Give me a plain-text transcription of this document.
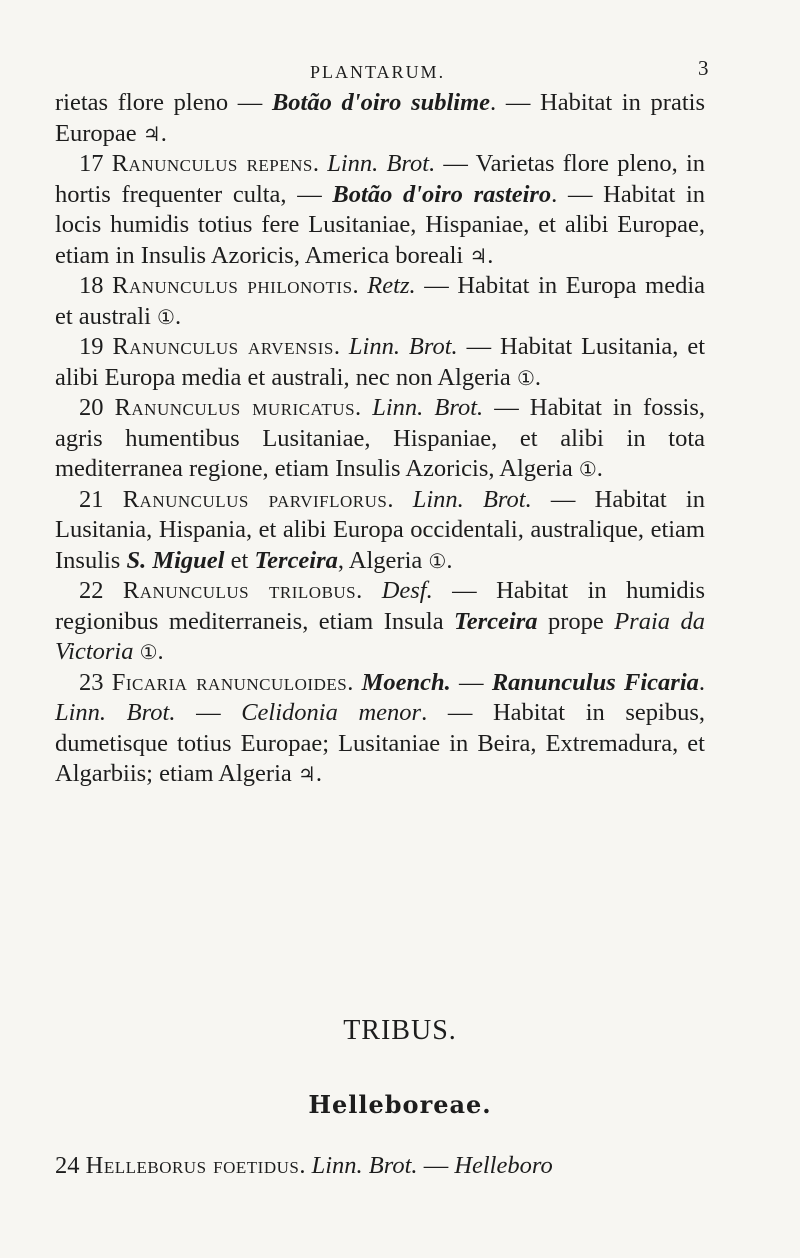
PLANTARUM.	3

rietas flore pleno — Botão d'oiro sublime. — Habitat in pratis Europae ♃.

17 Ranunculus repens. Linn. Brot. — Varietas flore pleno, in hortis frequenter culta, — Botão d'oiro rasteiro. — Habitat in locis humidis totius fere Lusitaniae, Hispaniae, et alibi Europae, etiam in Insulis Azoricis, America boreali ♃.

18 Ranunculus philonotis. Retz. — Habitat in Europa media et australi ①.

19 Ranunculus arvensis. Linn. Brot. — Habitat Lusitania, et alibi Europa media et australi, nec non Algeria ①.

20 Ranunculus muricatus. Linn. Brot. — Habitat in fossis, agris humentibus Lusitaniae, Hispaniae, et alibi in tota mediterranea regione, etiam Insulis Azoricis, Algeria ①.

21 Ranunculus parviflorus. Linn. Brot. — Habitat in Lusitania, Hispania, et alibi Europa occidentali, australique, etiam Insulis S. Miguel et Terceira, Algeria ①.

22 Ranunculus trilobus. Desf. — Habitat in humidis regionibus mediterraneis, etiam Insula Terceira prope Praia da Victoria ①.

23 Ficaria ranunculoides. Moench. — Ranunculus Ficaria. Linn. Brot. — Celidonia menor. — Habitat in sepibus, dumetisque totius Europae; Lusitaniae in Beira, Extremadura, et Algarbiis; etiam Algeria ♃.

TRIBUS.
Helleboreae.
24 Helleborus foetidus. Linn. Brot. — Hellеboro
